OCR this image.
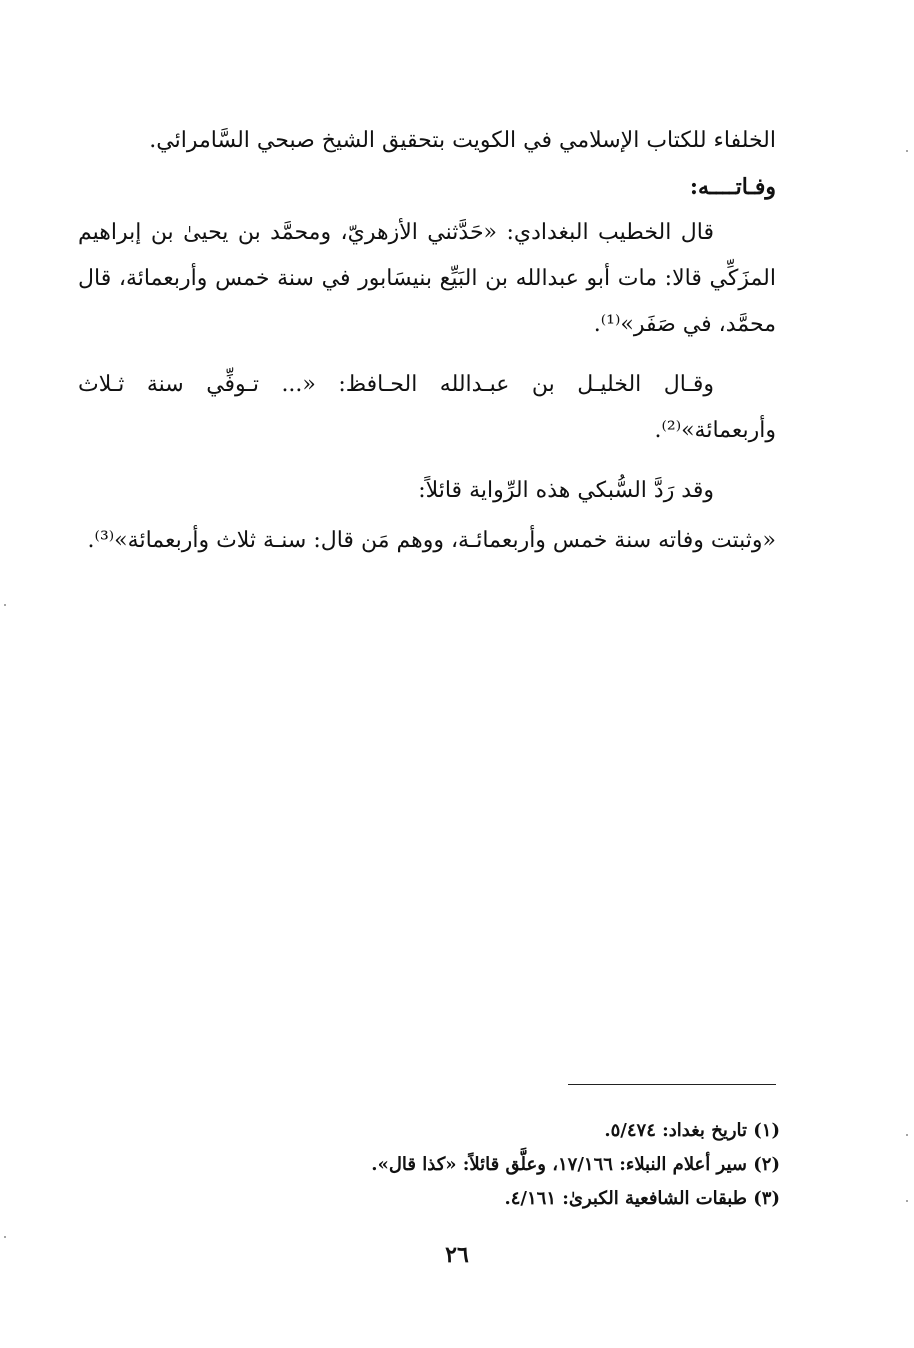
الخلفاء للكتاب الإسلامي في الكويت بتحقيق الشيخ صبحي السَّامرائي.

وفـاتــــه:

قال الخطيب البغدادي: «حَدَّثني الأزهريّ، ومحمَّد بن يحيىٰ بن إبراهيم المزَكِّي قالا: مات أبو عبدالله بن البَيِّع بنيسَابور في سنة خمس وأربعمائة، قال محمَّد، في صَفَر»⁽¹⁾.

وقـال الخليـل بن عبـدالله الحـافظ: «... تـوفِّي سنة ثـلاث وأربعمائة»⁽²⁾.

وقد رَدَّ السُّبكي هذه الرِّواية قائلاً:

«وثبتت وفاته سنة خمس وأربعمائـة، ووهم مَن قال: سنـة ثلاث وأربعمائة»⁽³⁾.

(١) تاريخ بغداد: ٥/٤٧٤.

(٢) سير أعلام النبلاء: ١٧/١٦٦، وعلَّق قائلاً: «كذا قال».

(٣) طبقات الشافعية الكبرىٰ: ٤/١٦١.

٢٦
